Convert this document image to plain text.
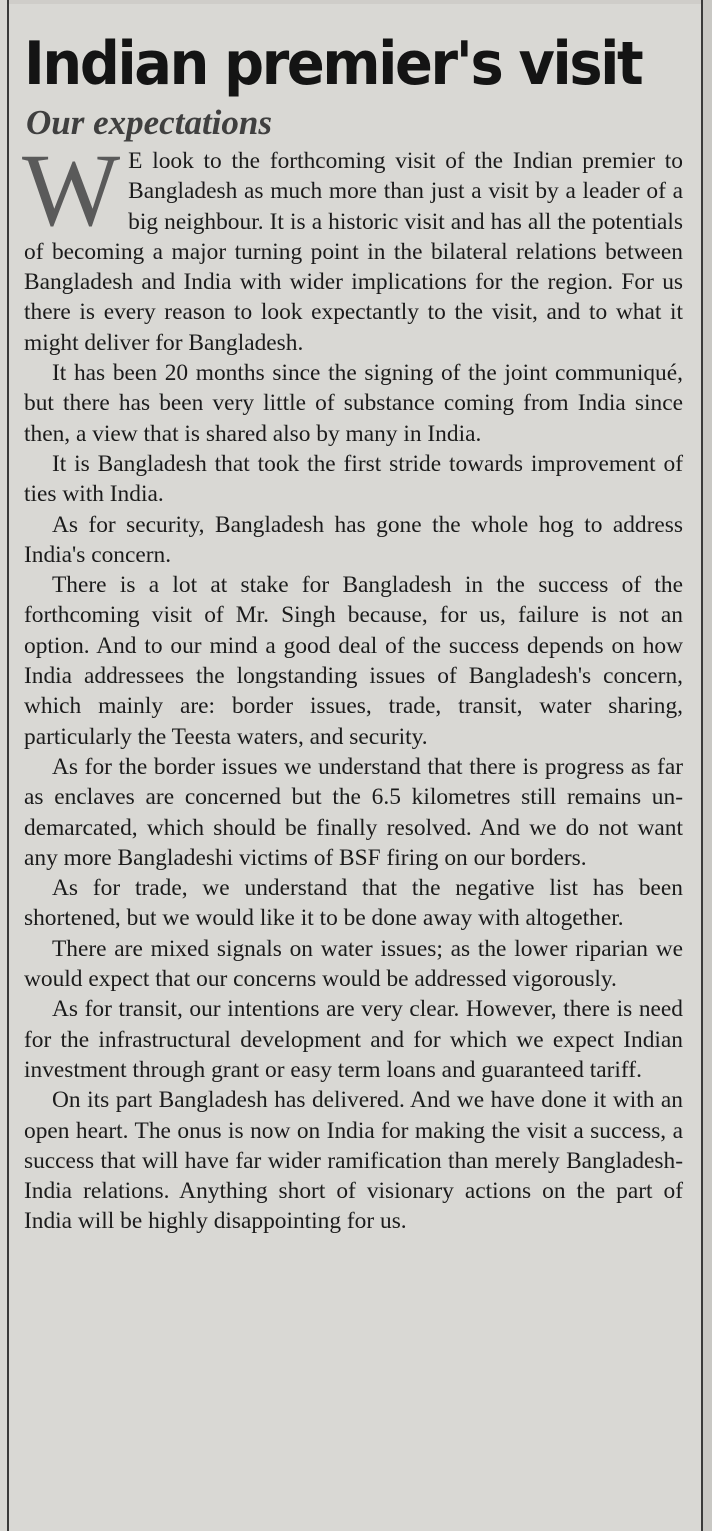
Indian premier's visit
Our expectations

W E look to the forthcoming visit of the Indian premier to Bangladesh as much more than just a visit by a leader of a big neighbour. It is a historic visit and has all the potentials of becoming a major turning point in the bilateral relations between Bangladesh and India with wider implications for the region. For us there is every reason to look expectantly to the visit, and to what it might deliver for Bangladesh.

It has been 20 months since the signing of the joint communiqué, but there has been very little of substance coming from India since then, a view that is shared also by many in India.

It is Bangladesh that took the first stride towards improvement of ties with India.

As for security, Bangladesh has gone the whole hog to address India's concern.

There is a lot at stake for Bangladesh in the success of the forthcoming visit of Mr. Singh because, for us, failure is not an option. And to our mind a good deal of the success depends on how India addressees the longstanding issues of Bangladesh's concern, which mainly are: border issues, trade, transit, water sharing, particularly the Teesta waters, and security.

As for the border issues we understand that there is progress as far as enclaves are concerned but the 6.5 kilometres still remains un-demarcated, which should be finally resolved. And we do not want any more Bangladeshi victims of BSF firing on our borders.

As for trade, we understand that the negative list has been shortened, but we would like it to be done away with altogether.

There are mixed signals on water issues; as the lower riparian we would expect that our concerns would be addressed vigorously.

As for transit, our intentions are very clear. However, there is need for the infrastructural development and for which we expect Indian investment through grant or easy term loans and guaranteed tariff.

On its part Bangladesh has delivered. And we have done it with an open heart. The onus is now on India for making the visit a success, a success that will have far wider ramification than merely Bangladesh-India relations. Anything short of visionary actions on the part of India will be highly disappointing for us.
